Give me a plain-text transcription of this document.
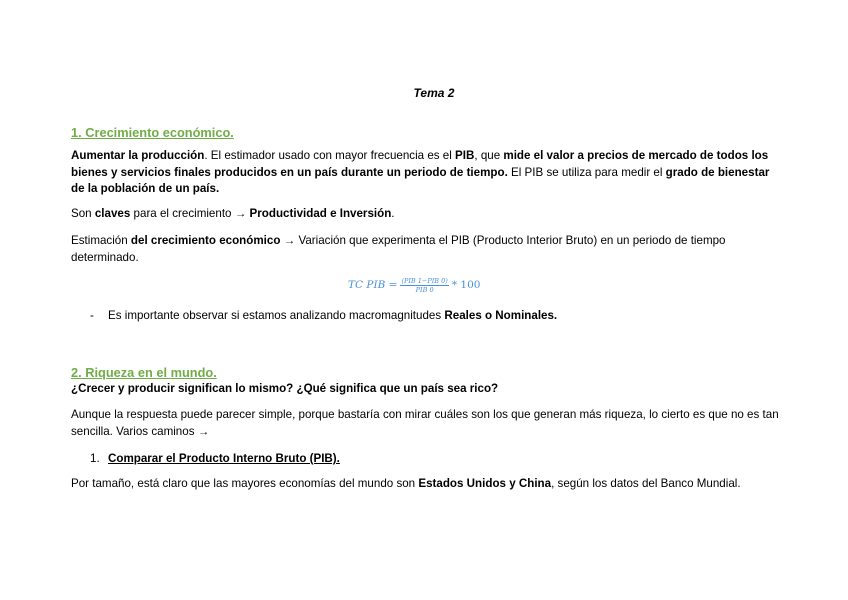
Tema 2
1. Crecimiento económico.
Aumentar la producción. El estimador usado con mayor frecuencia es el PIB, que mide el valor a precios de mercado de todos los bienes y servicios finales producidos en un país durante un periodo de tiempo. El PIB se utiliza para medir el grado de bienestar de la población de un país.
Son claves para el crecimiento → Productividad e Inversión.
Estimación del crecimiento económico → Variación que experimenta el PIB (Producto Interior Bruto) en un periodo de tiempo determinado.
TC PIB = $\frac{\text{(PIB 1−PIB 0)}}{\text{PIB 0}} * 100$
- Es importante observar si estamos analizando macromagnitudes Reales o Nominales.
2. Riqueza en el mundo.
¿Crecer y producir significan lo mismo? ¿Qué significa que un país sea rico?
Aunque la respuesta puede parecer simple, porque bastaría con mirar cuáles son los que generan más riqueza, lo cierto es que no es tan sencilla. Varios caminos →
1. Comparar el Producto Interno Bruto (PIB).
Por tamaño, está claro que las mayores economías del mundo son Estados Unidos y China, según los datos del Banco Mundial.
